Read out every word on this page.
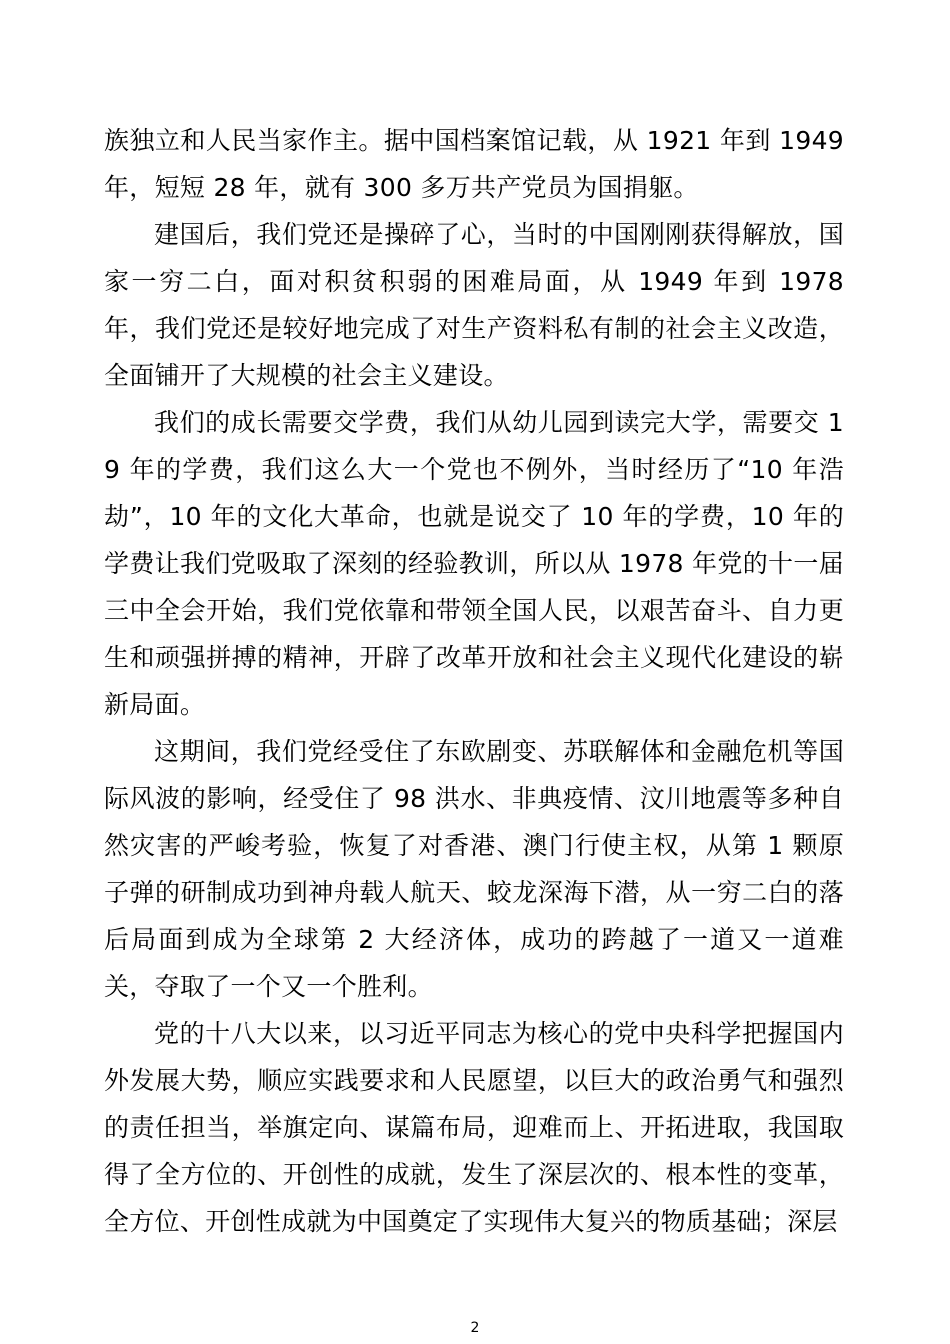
族独立和人民当家作主。据中国档案馆记载，从 1921 年到 1949 年，短短 28 年，就有 300 多万共产党员为国捐躯。

建国后，我们党还是操碎了心，当时的中国刚刚获得解放，国家一穷二白，面对积贫积弱的困难局面，从 1949 年到 1978 年，我们党还是较好地完成了对生产资料私有制的社会主义改造，全面铺开了大规模的社会主义建设。

我们的成长需要交学费，我们从幼儿园到读完大学，需要交 19 年的学费，我们这么大一个党也不例外，当时经历了“10 年浩劫”，10 年的文化大革命，也就是说交了 10 年的学费，10 年的学费让我们党吸取了深刻的经验教训，所以从 1978 年党的十一届三中全会开始，我们党依靠和带领全国人民，以艰苦奋斗、自力更生和顽强拼搏的精神，开辟了改革开放和社会主义现代化建设的崭新局面。

这期间，我们党经受住了东欧剧变、苏联解体和金融危机等国际风波的影响，经受住了 98 洪水、非典疫情、汶川地震等多种自然灾害的严峻考验，恢复了对香港、澳门行使主权，从第 1 颗原子弹的研制成功到神舟载人航天、蛟龙深海下潜，从一穷二白的落后局面到成为全球第 2 大经济体，成功的跨越了一道又一道难关，夺取了一个又一个胜利。

党的十八大以来，以习近平同志为核心的党中央科学把握国内外发展大势，顺应实践要求和人民愿望，以巨大的政治勇气和强烈的责任担当，举旗定向、谋篇布局，迎难而上、开拓进取，我国取得了全方位的、开创性的成就，发生了深层次的、根本性的变革，全方位、开创性成就为中国奠定了实现伟大复兴的物质基础；深层

2
